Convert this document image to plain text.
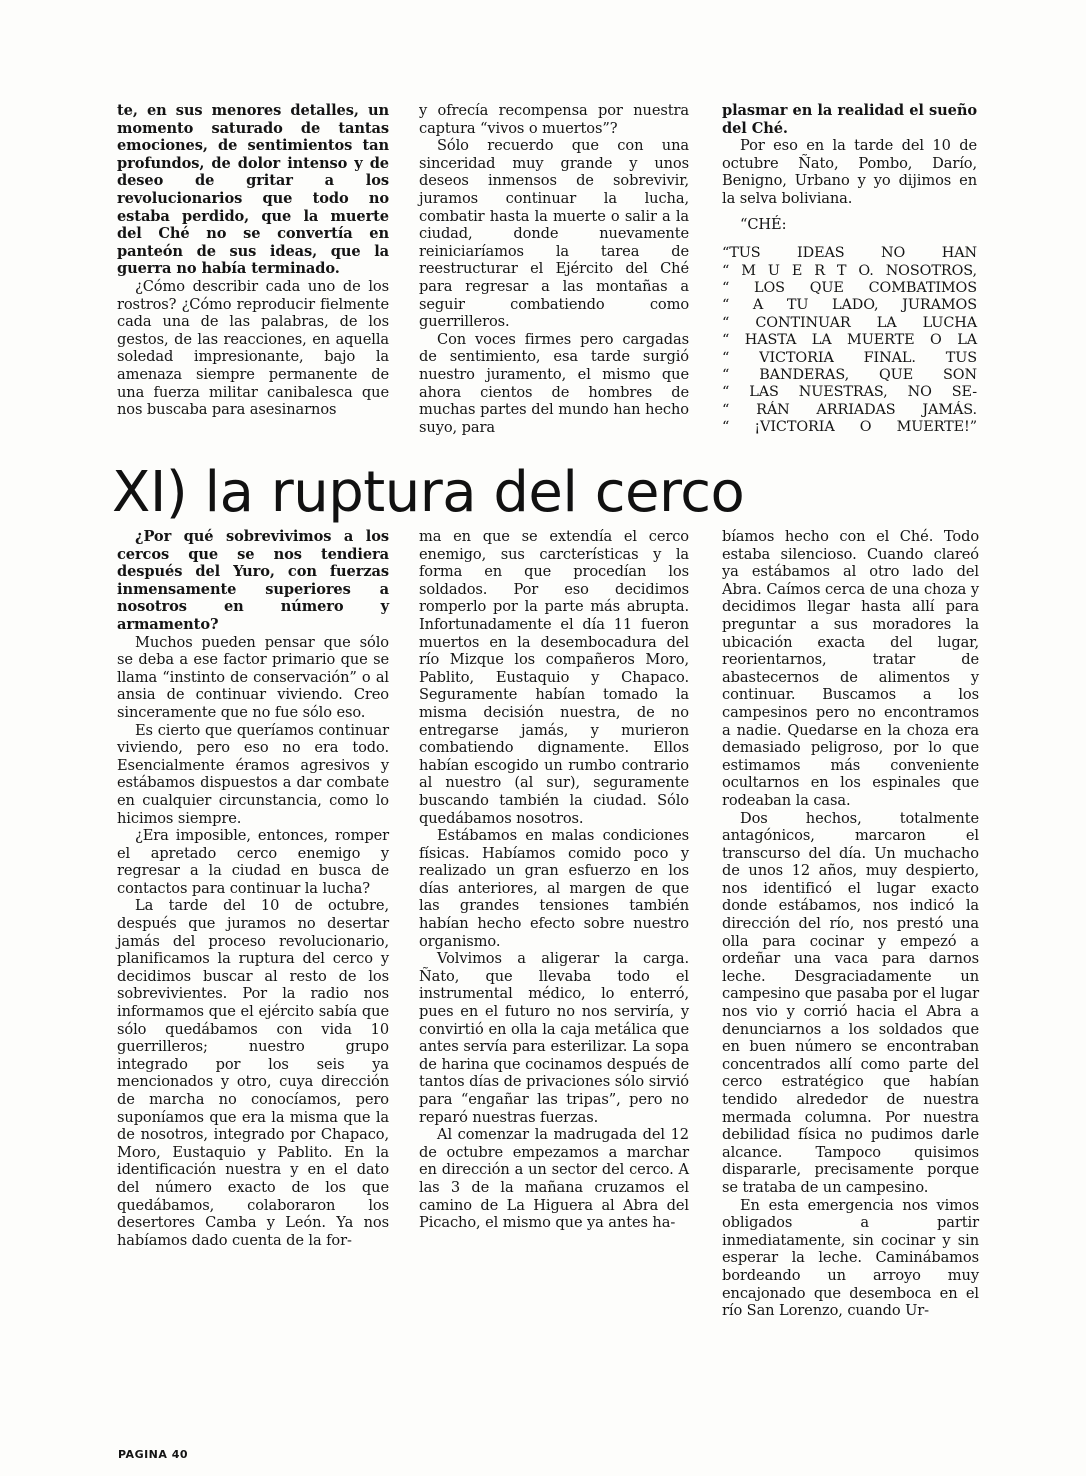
te, en sus menores detalles, un momento saturado de tantas emociones, de sentimientos tan profundos, de dolor intenso y de deseo de gritar a los revolucionarios que todo no estaba perdido, que la muerte del Ché no se convertía en panteón de sus ideas, que la guerra no había terminado.

¿Cómo describir cada uno de los rostros? ¿Cómo reproducir fielmente cada una de las palabras, de los gestos, de las reacciones, en aquella soledad impresionante, bajo la amenaza siempre permanente de una fuerza militar canibalesca que nos buscaba para asesinarnos

y ofrecía recompensa por nuestra captura “vivos o muertos”?

Sólo recuerdo que con una sinceridad muy grande y unos deseos inmensos de sobrevivir, juramos continuar la lucha, combatir hasta la muerte o salir a la ciudad, donde nuevamente reiniciaríamos la tarea de reestructurar el Ejército del Ché para regresar a las montañas a seguir combatiendo como guerrilleros.

Con voces firmes pero cargadas de sentimiento, esa tarde surgió nuestro juramento, el mismo que ahora cientos de hombres de muchas partes del mundo han hecho suyo, para

plasmar en la realidad el sueño del Ché.

Por eso en la tarde del 10 de octubre Ñato, Pombo, Darío, Benigno, Urbano y yo dijimos en la selva boliviana.

“CHÉ:

“TUS IDEAS NO HAN
“ M U E R T O. NOSOTROS,
“ LOS QUE COMBATIMOS
“ A TU LADO, JURAMOS
“ CONTINUAR LA LUCHA
“ HASTA LA MUERTE O LA
“ VICTORIA FINAL. TUS
“ BANDERAS, QUE SON
“ LAS NUESTRAS, NO SE-
“ RÁN ARRIADAS JAMÁS.
“ ¡VICTORIA O MUERTE!”
XI) la ruptura del cerco

¿Por qué sobrevivimos a los cercos que se nos tendiera después del Yuro, con fuerzas inmensamente superiores a nosotros en número y armamento?

Muchos pueden pensar que sólo se deba a ese factor primario que se llama “instinto de conservación” o al ansia de continuar viviendo. Creo sinceramente que no fue sólo eso.

Es cierto que queríamos continuar viviendo, pero eso no era todo. Esencialmente éramos agresivos y estábamos dispuestos a dar combate en cualquier circunstancia, como lo hicimos siempre.

¿Era imposible, entonces, romper el apretado cerco enemigo y regresar a la ciudad en busca de contactos para continuar la lucha?

La tarde del 10 de octubre, después que juramos no desertar jamás del proceso revolucionario, planificamos la ruptura del cerco y decidimos buscar al resto de los sobrevivientes. Por la radio nos informamos que el ejército sabía que sólo quedábamos con vida 10 guerrilleros; nuestro grupo integrado por los seis ya mencionados y otro, cuya dirección de marcha no conocíamos, pero suponíamos que era la misma que la de nosotros, integrado por Chapaco, Moro, Eustaquio y Pablito. En la identificación nuestra y en el dato del número exacto de los que quedábamos, colaboraron los desertores Camba y León. Ya nos habíamos dado cuenta de la for-

ma en que se extendía el cerco enemigo, sus carcterísticas y la forma en que procedían los soldados. Por eso decidimos romperlo por la parte más abrupta. Infortunadamente el día 11 fueron muertos en la desembocadura del río Mizque los compañeros Moro, Pablito, Eustaquio y Chapaco. Seguramente habían tomado la misma decisión nuestra, de no entregarse jamás, y murieron combatiendo dignamente. Ellos habían escogido un rumbo contrario al nuestro (al sur), seguramente buscando también la ciudad. Sólo quedábamos nosotros.

Estábamos en malas condiciones físicas. Habíamos comido poco y realizado un gran esfuerzo en los días anteriores, al margen de que las grandes tensiones también habían hecho efecto sobre nuestro organismo.

Volvimos a aligerar la carga. Ñato, que llevaba todo el instrumental médico, lo enterró, pues en el futuro no nos serviría, y convirtió en olla la caja metálica que antes servía para esterilizar. La sopa de harina que cocinamos después de tantos días de privaciones sólo sirvió para “engañar las tripas”, pero no reparó nuestras fuerzas.

Al comenzar la madrugada del 12 de octubre empezamos a marchar en dirección a un sector del cerco. A las 3 de la mañana cruzamos el camino de La Higuera al Abra del Picacho, el mismo que ya antes ha-

bíamos hecho con el Ché. Todo estaba silencioso. Cuando clareó ya estábamos al otro lado del Abra. Caímos cerca de una choza y decidimos llegar hasta allí para preguntar a sus moradores la ubicación exacta del lugar, reorientarnos, tratar de abastecernos de alimentos y continuar. Buscamos a los campesinos pero no encontramos a nadie. Quedarse en la choza era demasiado peligroso, por lo que estimamos más conveniente ocultarnos en los espinales que rodeaban la casa.

Dos hechos, totalmente antagónicos, marcaron el transcurso del día. Un muchacho de unos 12 años, muy despierto, nos identificó el lugar exacto donde estábamos, nos indicó la dirección del río, nos prestó una olla para cocinar y empezó a ordeñar una vaca para darnos leche. Desgraciadamente un campesino que pasaba por el lugar nos vio y corrió hacia el Abra a denunciarnos a los soldados que en buen número se encontraban concentrados allí como parte del cerco estratégico que habían tendido alrededor de nuestra mermada columna. Por nuestra debilidad física no pudimos darle alcance. Tampoco quisimos dispararle, precisamente porque se trataba de un campesino.

En esta emergencia nos vimos obligados a partir inmediatamente, sin cocinar y sin esperar la leche. Caminábamos bordeando un arroyo muy encajonado que desemboca en el río San Lorenzo, cuando Ur-

PAGINA 40
